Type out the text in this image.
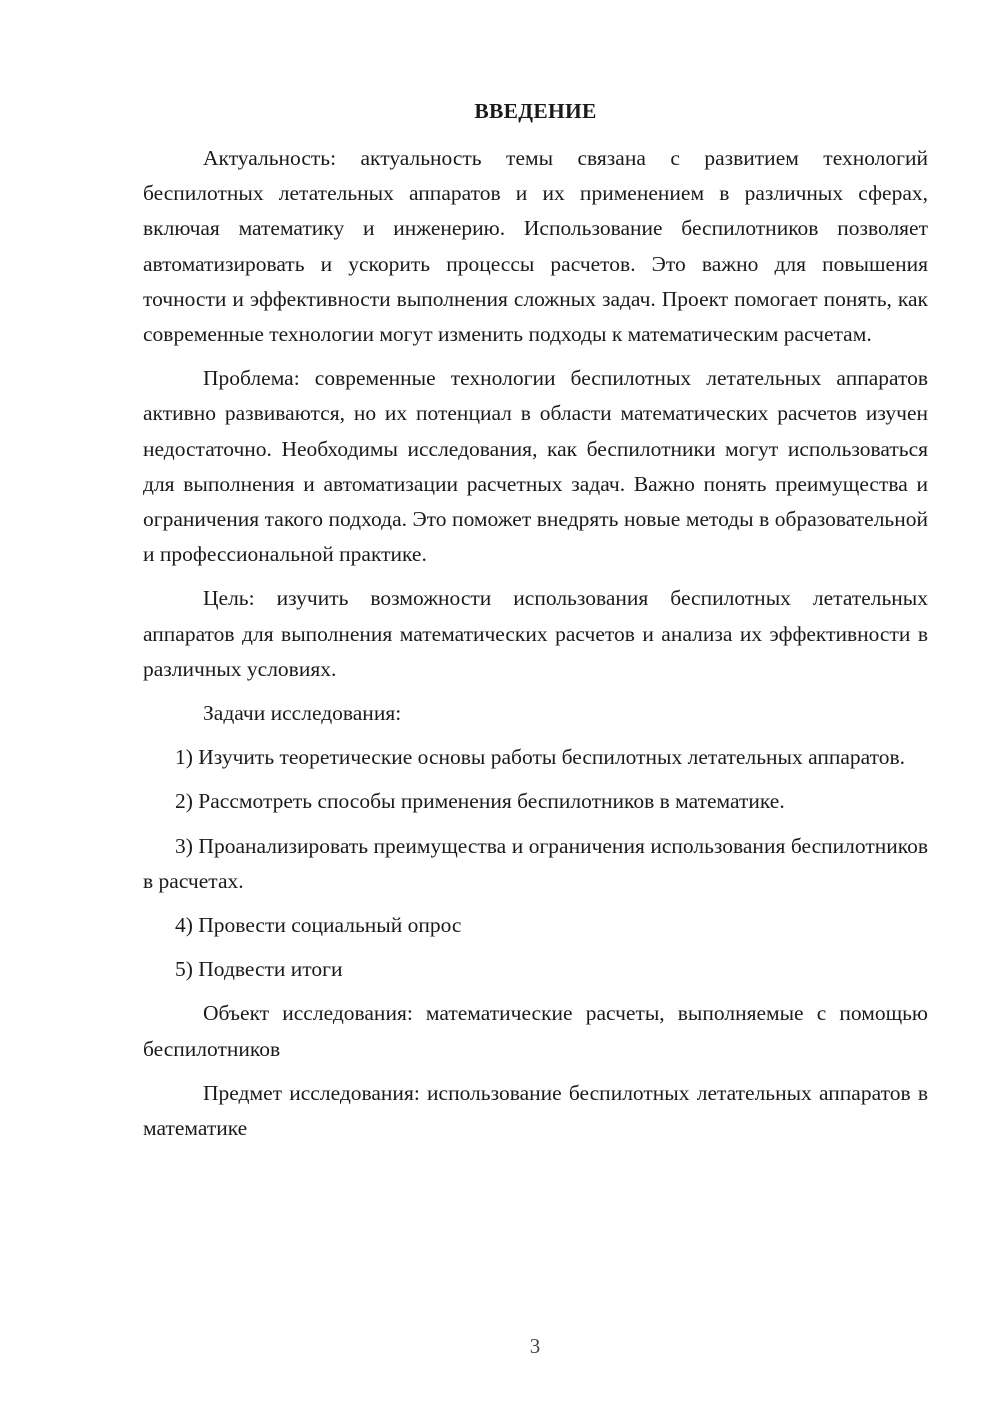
ВВЕДЕНИЕ

Актуальность: актуальность темы связана с развитием технологий беспилотных летательных аппаратов и их применением в различных сферах, включая математику и инженерию. Использование беспилотников позволяет автоматизировать и ускорить процессы расчетов. Это важно для повышения точности и эффективности выполнения сложных задач. Проект помогает понять, как современные технологии могут изменить подходы к математическим расчетам.

Проблема: современные технологии беспилотных летательных аппаратов активно развиваются, но их потенциал в области математических расчетов изучен недостаточно. Необходимы исследования, как беспилотники могут использоваться для выполнения и автоматизации расчетных задач. Важно понять преимущества и ограничения такого подхода. Это поможет внедрять новые методы в образовательной и профессиональной практике.

Цель: изучить возможности использования беспилотных летательных аппаратов для выполнения математических расчетов и анализа их эффективности в различных условиях.

Задачи исследования:

1) Изучить теоретические основы работы беспилотных летательных аппаратов.

2) Рассмотреть способы применения беспилотников в математике.

3) Проанализировать преимущества и ограничения использования беспилотников в расчетах.

4) Провести социальный опрос

5) Подвести итоги

Объект исследования: математические расчеты, выполняемые с помощью беспилотников

Предмет исследования: использование беспилотных летательных аппаратов в математике

3
